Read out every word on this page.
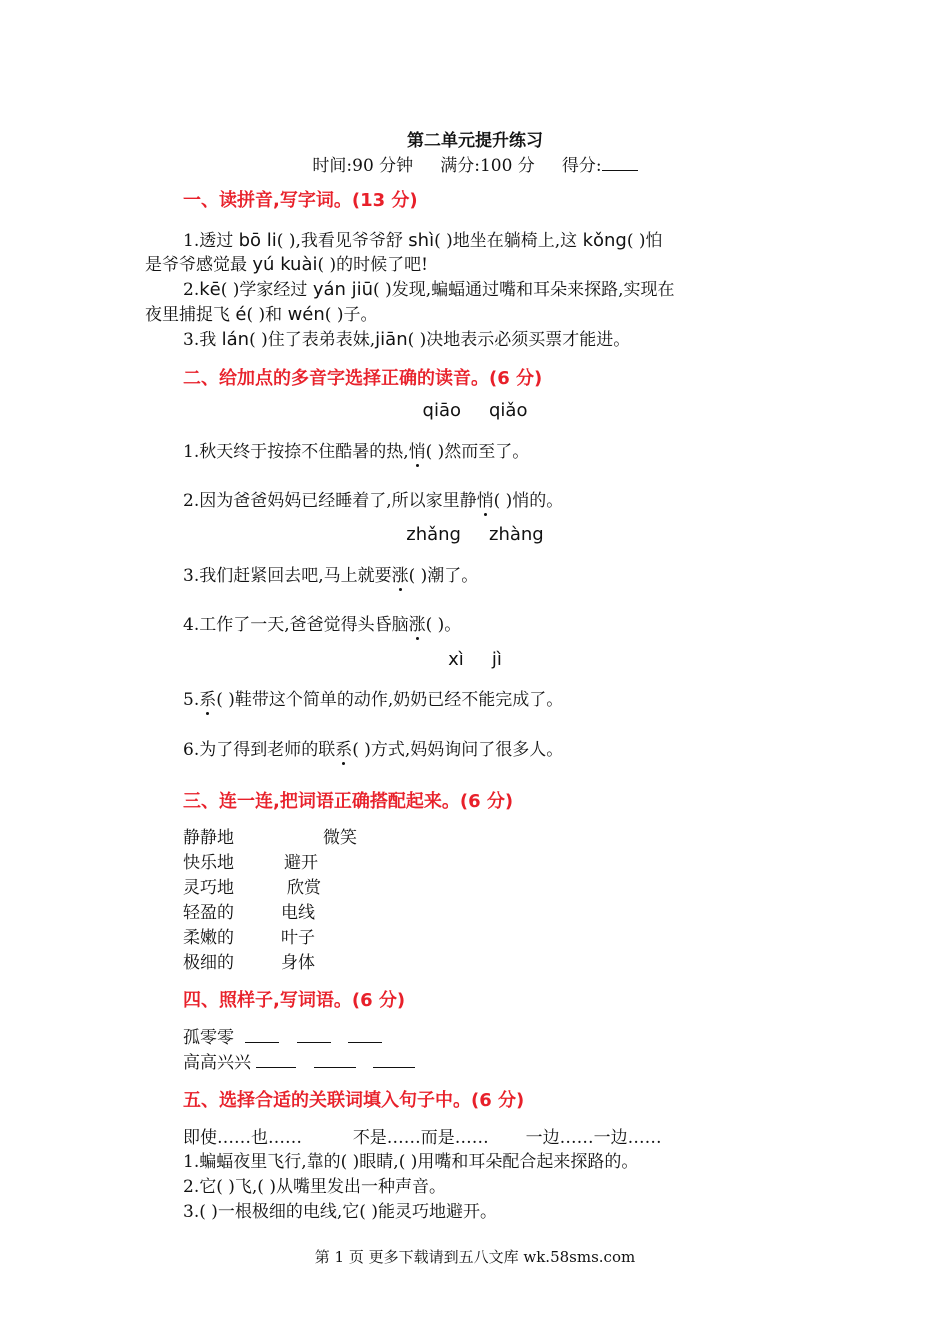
第二单元提升练习
时间:90 分钟 满分:100 分 得分:
一、读拼音,写字词。(13 分)
1.透过 bō li( ),我看见爷爷舒 shì( )地坐在躺椅上,这 kǒng( )怕
是爷爷感觉最 yú kuài( )的时候了吧!
2.kē( )学家经过 yán jiū( )发现,蝙蝠通过嘴和耳朵来探路,实现在
夜里捕捉飞 é( )和 wén( )子。
3.我 lán( )住了表弟表妹,jiān( )决地表示必须买票才能进。
二、给加点的多音字选择正确的读音。(6 分)
qiāo qiǎo
1.秋天终于按捺不住酷暑的热,悄( )然而至了。
2.因为爸爸妈妈已经睡着了,所以家里静悄( )悄的。
zhǎng zhàng
3.我们赶紧回去吧,马上就要涨( )潮了。
4.工作了一天,爸爸觉得头昏脑涨( )。
xì jì
5.系( )鞋带这个简单的动作,奶奶已经不能完成了。
6.为了得到老师的联系( )方式,妈妈询问了很多人。
三、连一连,把词语正确搭配起来。(6 分)
静静地	微笑
快乐地	避开
灵巧地	欣赏
轻盈的	电线
柔嫩的	叶子
极细的	身体
四、照样子,写词语。(6 分)
孤零零
高高兴兴
五、选择合适的关联词填入句子中。(6 分)
即使……也……	不是……而是…… 一边……一边……
1.蝙蝠夜里飞行,靠的( )眼睛,( )用嘴和耳朵配合起来探路的。
2.它( )飞,( )从嘴里发出一种声音。
3.( )一根极细的电线,它( )能灵巧地避开。
第 1 页 更多下载请到五八文库 wk.58sms.com
